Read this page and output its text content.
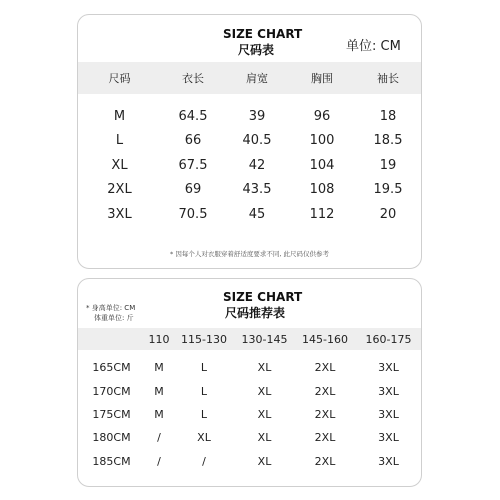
SIZE CHART
尺码表	单位: CM
尺码	衣长	肩宽	胸围	袖长

M	64.5	39	96	18
L	66	40.5	100	18.5
XL	67.5	42	104	19
2XL	69	43.5	108	19.5
3XL	70.5	45	112	20
* 因每个人对衣服穿着舒适度要求不同, 此尺码仅供参考
* 身高单位: CM
体重单位: 斤
SIZE CHART
尺码推荐表
	110	115-130	130-145	145-160	160-175

165CM	M	L	XL	2XL	3XL
170CM	M	L	XL	2XL	3XL
175CM	M	L	XL	2XL	3XL
180CM	/	XL	XL	2XL	3XL
185CM	/	/	XL	2XL	3XL
